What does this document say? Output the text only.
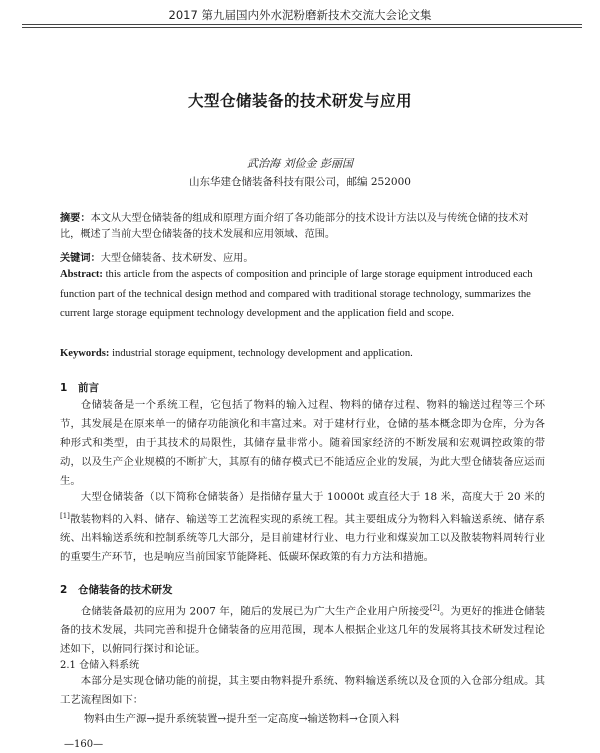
2017 第九届国内外水泥粉磨新技术交流大会论文集
大型仓储装备的技术研发与应用
武治海 刘俭金 彭丽国
山东华建仓储装备科技有限公司，邮编 252000
摘要：本文从大型仓储装备的组成和原理方面介绍了各功能部分的技术设计方法以及与传统仓储的技术对比，概述了当前大型仓储装备的技术发展和应用领域、范围。
关键词：大型仓储装备、技术研发、应用。
Abstract: this article from the aspects of composition and principle of large storage equipment introduced each function part of the technical design method and compared with traditional storage technology, summarizes the current large storage equipment technology development and the application field and scope.
Keywords: industrial storage equipment, technology development and application.
1 前言
仓储装备是一个系统工程，它包括了物料的输入过程、物料的储存过程、物料的输送过程等三个环节，其发展是在原来单一的储存功能演化和丰富过来。对于建材行业，仓储的基本概念即为仓库，分为各种形式和类型，由于其技术的局限性，其储存量非常小。随着国家经济的不断发展和宏观调控政策的带动，以及生产企业规模的不断扩大，其原有的储存模式已不能适应企业的发展，为此大型仓储装备应运而生。
大型仓储装备（以下简称仓储装备）是指储存量大于 10000t 或直径大于 18 米，高度大于 20 米的[1]散装物料的入料、储存、输送等工艺流程实现的系统工程。其主要组成分为物料入料输送系统、储存系统、出料输送系统和控制系统等几大部分，是目前建材行业、电力行业和煤炭加工以及散装物料周转行业的重要生产环节，也是响应当前国家节能降耗、低碳环保政策的有力方法和措施。
2 仓储装备的技术研发
仓储装备最初的应用为 2007 年，随后的发展已为广大生产企业用户所接受[2]。为更好的推进仓储装备的技术发展，共同完善和提升仓储装备的应用范围，现本人根据企业这几年的发展将其技术研发过程论述如下，以俯同行探讨和论证。
2.1 仓储入料系统
本部分是实现仓储功能的前提，其主要由物料提升系统、物料输送系统以及仓顶的入仓部分组成。其工艺流程图如下：
物料由生产源→提升系统装置→提升至一定高度→输送物料→仓顶入料
—160—
